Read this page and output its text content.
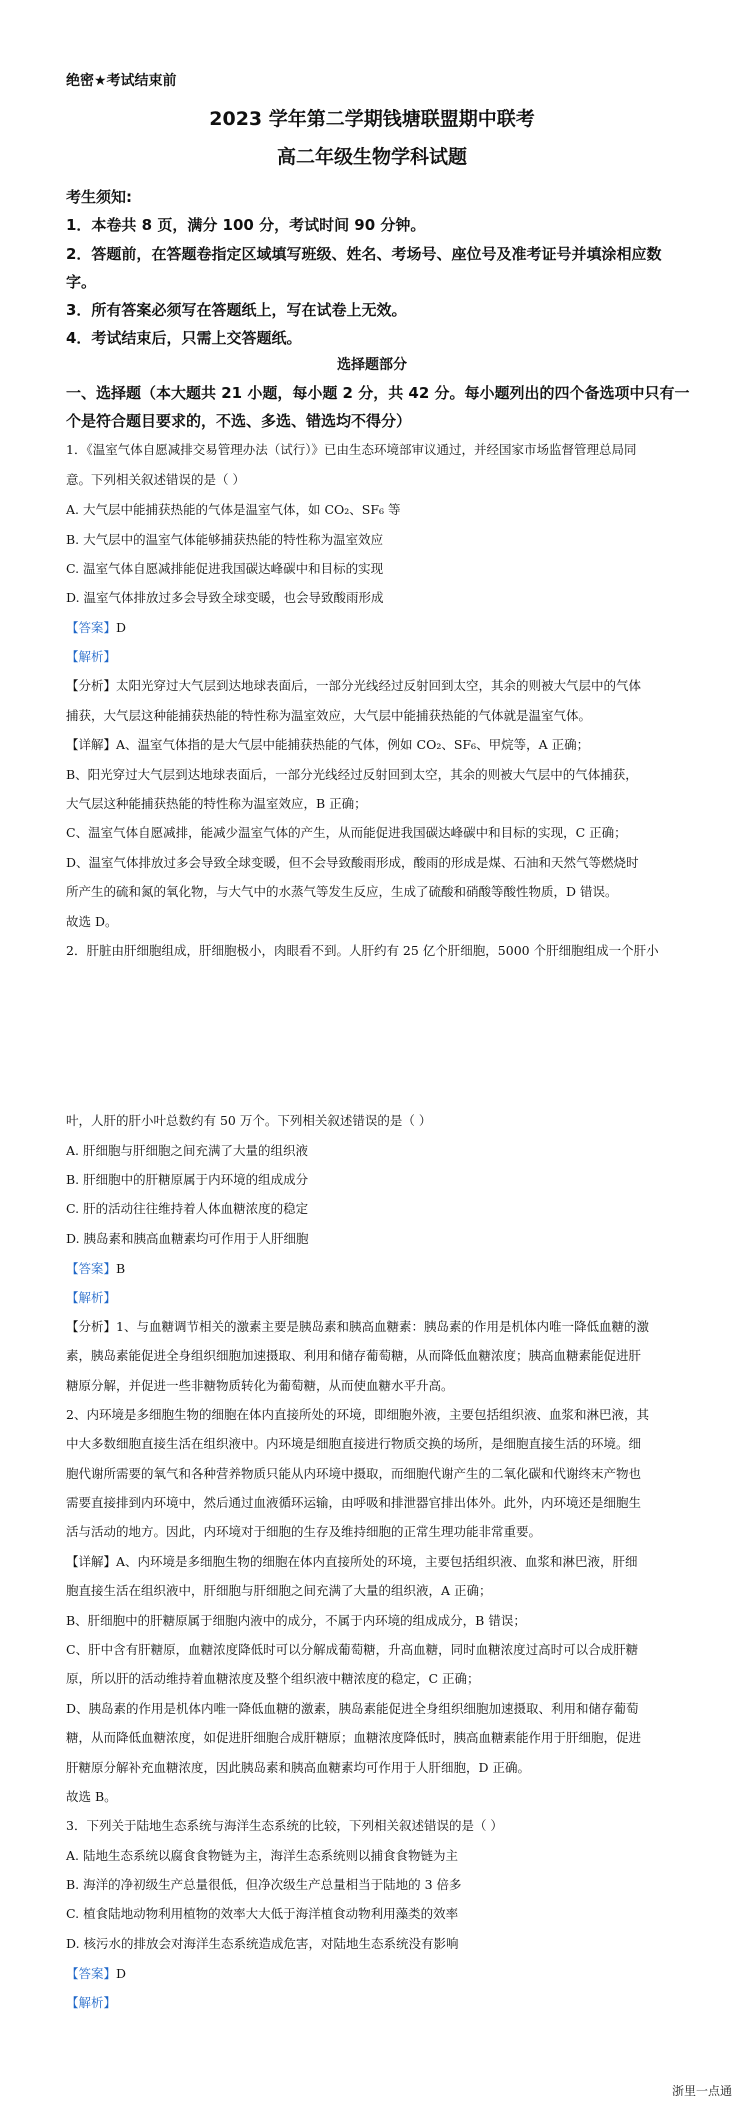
绝密★考试结束前
2023 学年第二学期钱塘联盟期中联考
高二年级生物学科试题
考生须知:
1．本卷共 8 页，满分 100 分，考试时间 90 分钟。
2．答题前，在答题卷指定区域填写班级、姓名、考场号、座位号及准考证号并填涂相应数
字。
3．所有答案必须写在答题纸上，写在试卷上无效。
4．考试结束后，只需上交答题纸。
选择题部分
一、选择题（本大题共 21 小题，每小题 2 分，共 42 分。每小题列出的四个备选项中只有一
个是符合题目要求的，不选、多选、错选均不得分）
1．《温室气体自愿减排交易管理办法（试行）》已由生态环境部审议通过，并经国家市场监督管理总局同
意。下列相关叙述错误的是（ ）
A. 大气层中能捕获热能的气体是温室气体，如 CO₂、SF₆ 等
B. 大气层中的温室气体能够捕获热能的特性称为温室效应
C. 温室气体自愿减排能促进我国碳达峰碳中和目标的实现
D. 温室气体排放过多会导致全球变暖，也会导致酸雨形成
【答案】D
【解析】
【分析】太阳光穿过大气层到达地球表面后，一部分光线经过反射回到太空，其余的则被大气层中的气体
捕获，大气层这种能捕获热能的特性称为温室效应，大气层中能捕获热能的气体就是温室气体。
【详解】A、温室气体指的是大气层中能捕获热能的气体，例如 CO₂、SF₆、甲烷等，A 正确；
B、阳光穿过大气层到达地球表面后，一部分光线经过反射回到太空，其余的则被大气层中的气体捕获，
大气层这种能捕获热能的特性称为温室效应，B 正确；
C、温室气体自愿减排，能减少温室气体的产生，从而能促进我国碳达峰碳中和目标的实现，C 正确；
D、温室气体排放过多会导致全球变暖，但不会导致酸雨形成，酸雨的形成是煤、石油和天然气等燃烧时
所产生的硫和氮的氧化物，与大气中的水蒸气等发生反应，生成了硫酸和硝酸等酸性物质，D 错误。
故选 D。
2．肝脏由肝细胞组成，肝细胞极小，肉眼看不到。人肝约有 25 亿个肝细胞，5000 个肝细胞组成一个肝小
叶，人肝的肝小叶总数约有 50 万个。下列相关叙述错误的是（ ）
A. 肝细胞与肝细胞之间充满了大量的组织液
B. 肝细胞中的肝糖原属于内环境的组成成分
C. 肝的活动往往维持着人体血糖浓度的稳定
D. 胰岛素和胰高血糖素均可作用于人肝细胞
【答案】B
【解析】
【分析】1、与血糖调节相关的激素主要是胰岛素和胰高血糖素：胰岛素的作用是机体内唯一降低血糖的激
素，胰岛素能促进全身组织细胞加速摄取、利用和储存葡萄糖，从而降低血糖浓度；胰高血糖素能促进肝
糖原分解，并促进一些非糖物质转化为葡萄糖，从而使血糖水平升高。
2、内环境是多细胞生物的细胞在体内直接所处的环境，即细胞外液，主要包括组织液、血浆和淋巴液，其
中大多数细胞直接生活在组织液中。内环境是细胞直接进行物质交换的场所，是细胞直接生活的环境。细
胞代谢所需要的氧气和各种营养物质只能从内环境中摄取，而细胞代谢产生的二氧化碳和代谢终末产物也
需要直接排到内环境中，然后通过血液循环运输，由呼吸和排泄器官排出体外。此外，内环境还是细胞生
活与活动的地方。因此，内环境对于细胞的生存及维持细胞的正常生理功能非常重要。
【详解】A、内环境是多细胞生物的细胞在体内直接所处的环境，主要包括组织液、血浆和淋巴液，肝细
胞直接生活在组织液中，肝细胞与肝细胞之间充满了大量的组织液，A 正确；
B、肝细胞中的肝糖原属于细胞内液中的成分，不属于内环境的组成成分，B 错误；
C、肝中含有肝糖原，血糖浓度降低时可以分解成葡萄糖，升高血糖，同时血糖浓度过高时可以合成肝糖
原，所以肝的活动维持着血糖浓度及整个组织液中糖浓度的稳定，C 正确；
D、胰岛素的作用是机体内唯一降低血糖的激素，胰岛素能促进全身组织细胞加速摄取、利用和储存葡萄
糖，从而降低血糖浓度，如促进肝细胞合成肝糖原；血糖浓度降低时，胰高血糖素能作用于肝细胞，促进
肝糖原分解补充血糖浓度，因此胰岛素和胰高血糖素均可作用于人肝细胞，D 正确。
故选 B。
3．下列关于陆地生态系统与海洋生态系统的比较，下列相关叙述错误的是（ ）
A. 陆地生态系统以腐食食物链为主，海洋生态系统则以捕食食物链为主
B. 海洋的净初级生产总量很低，但净次级生产总量相当于陆地的 3 倍多
C. 植食陆地动物利用植物的效率大大低于海洋植食动物利用藻类的效率
D. 核污水的排放会对海洋生态系统造成危害，对陆地生态系统没有影响
【答案】D
【解析】
浙里一点通
